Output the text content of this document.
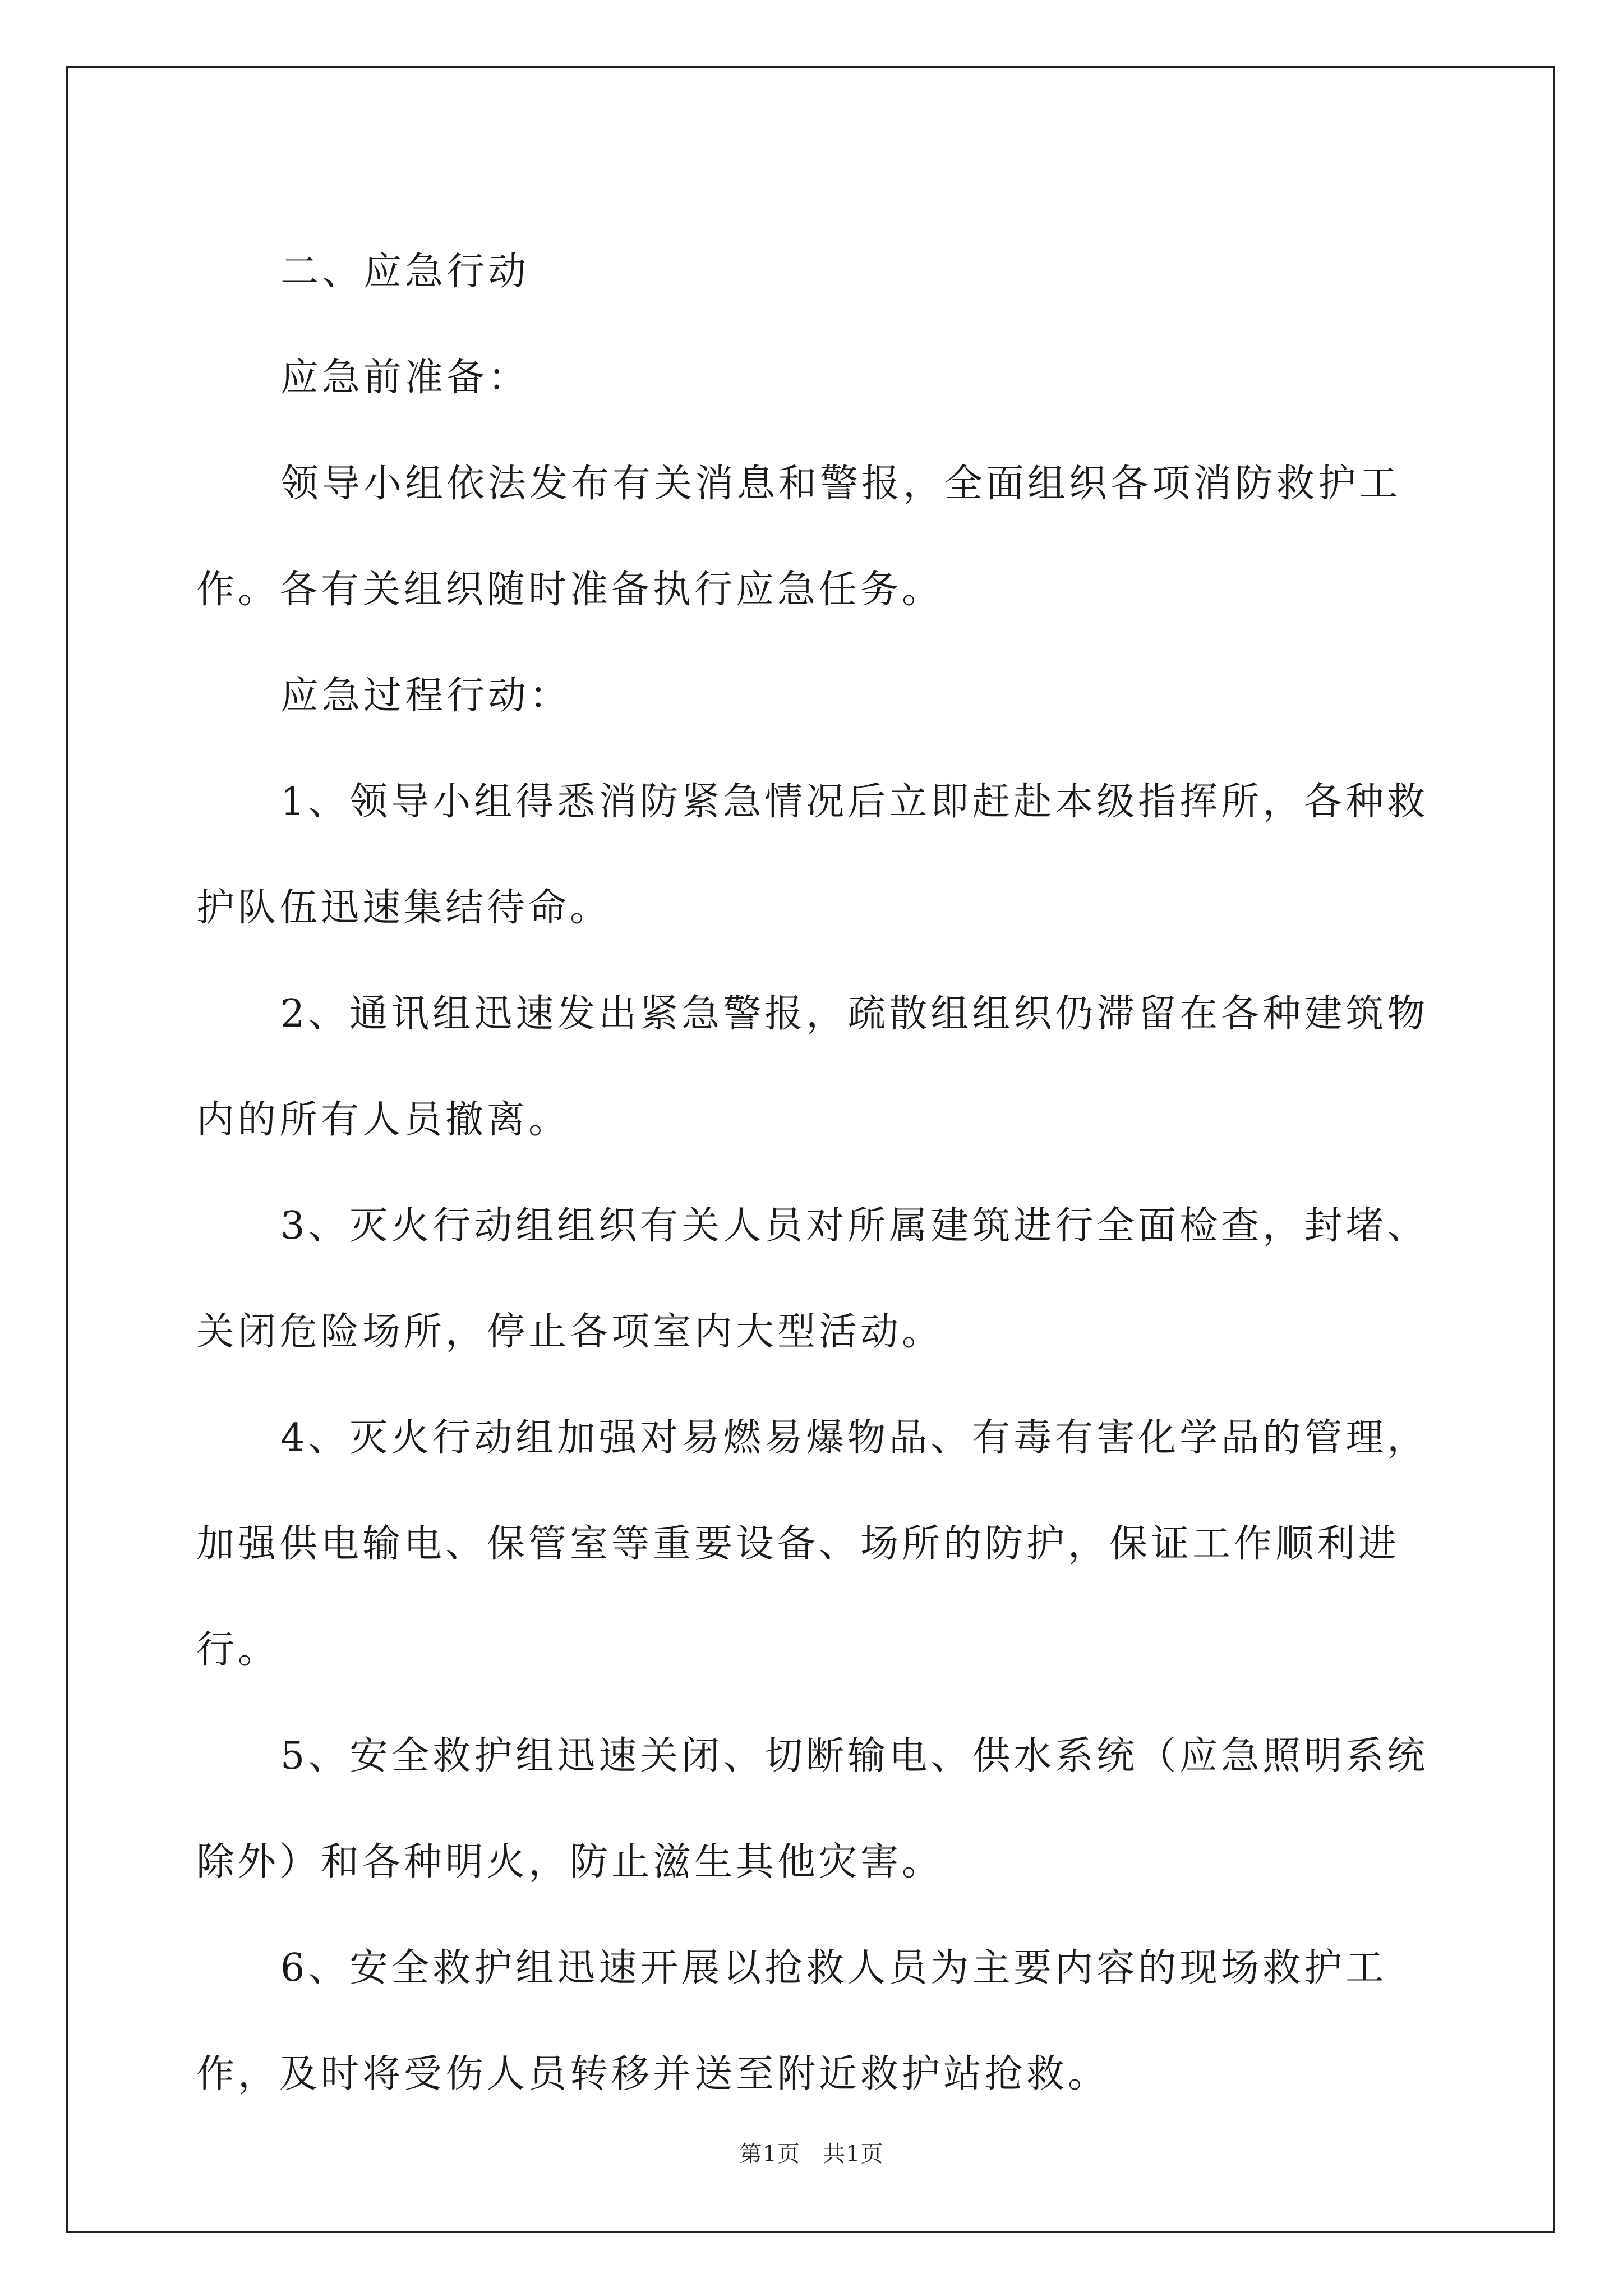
二、应急行动

应急前准备：

领导小组依法发布有关消息和警报，全面组织各项消防救护工作。各有关组织随时准备执行应急任务。

应急过程行动：

1、领导小组得悉消防紧急情况后立即赶赴本级指挥所，各种救护队伍迅速集结待命。

2、通讯组迅速发出紧急警报，疏散组组织仍滞留在各种建筑物内的所有人员撤离。

3、灭火行动组组织有关人员对所属建筑进行全面检查，封堵、关闭危险场所，停止各项室内大型活动。

4、灭火行动组加强对易燃易爆物品、有毒有害化学品的管理，加强供电输电、保管室等重要设备、场所的防护，保证工作顺利进行。

5、安全救护组迅速关闭、切断输电、供水系统（应急照明系统除外）和各种明火，防止滋生其他灾害。

6、安全救护组迅速开展以抢救人员为主要内容的现场救护工作，及时将受伤人员转移并送至附近救护站抢救。

第1页 共1页
